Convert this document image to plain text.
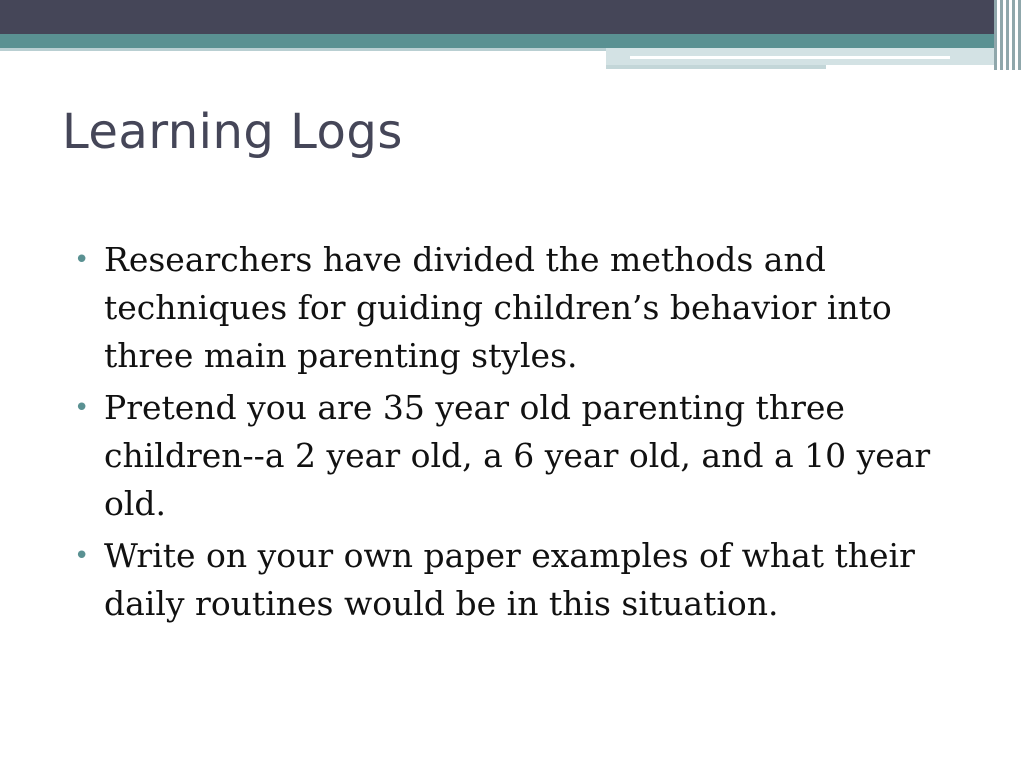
Learning Logs
• Researchers have divided the methods and techniques for guiding children’s behavior into three main parenting styles.
• Pretend you are 35 year old parenting three children--a 2 year old, a 6 year old, and a 10 year old.
• Write on your own paper examples of what their daily routines would be in this situation.
